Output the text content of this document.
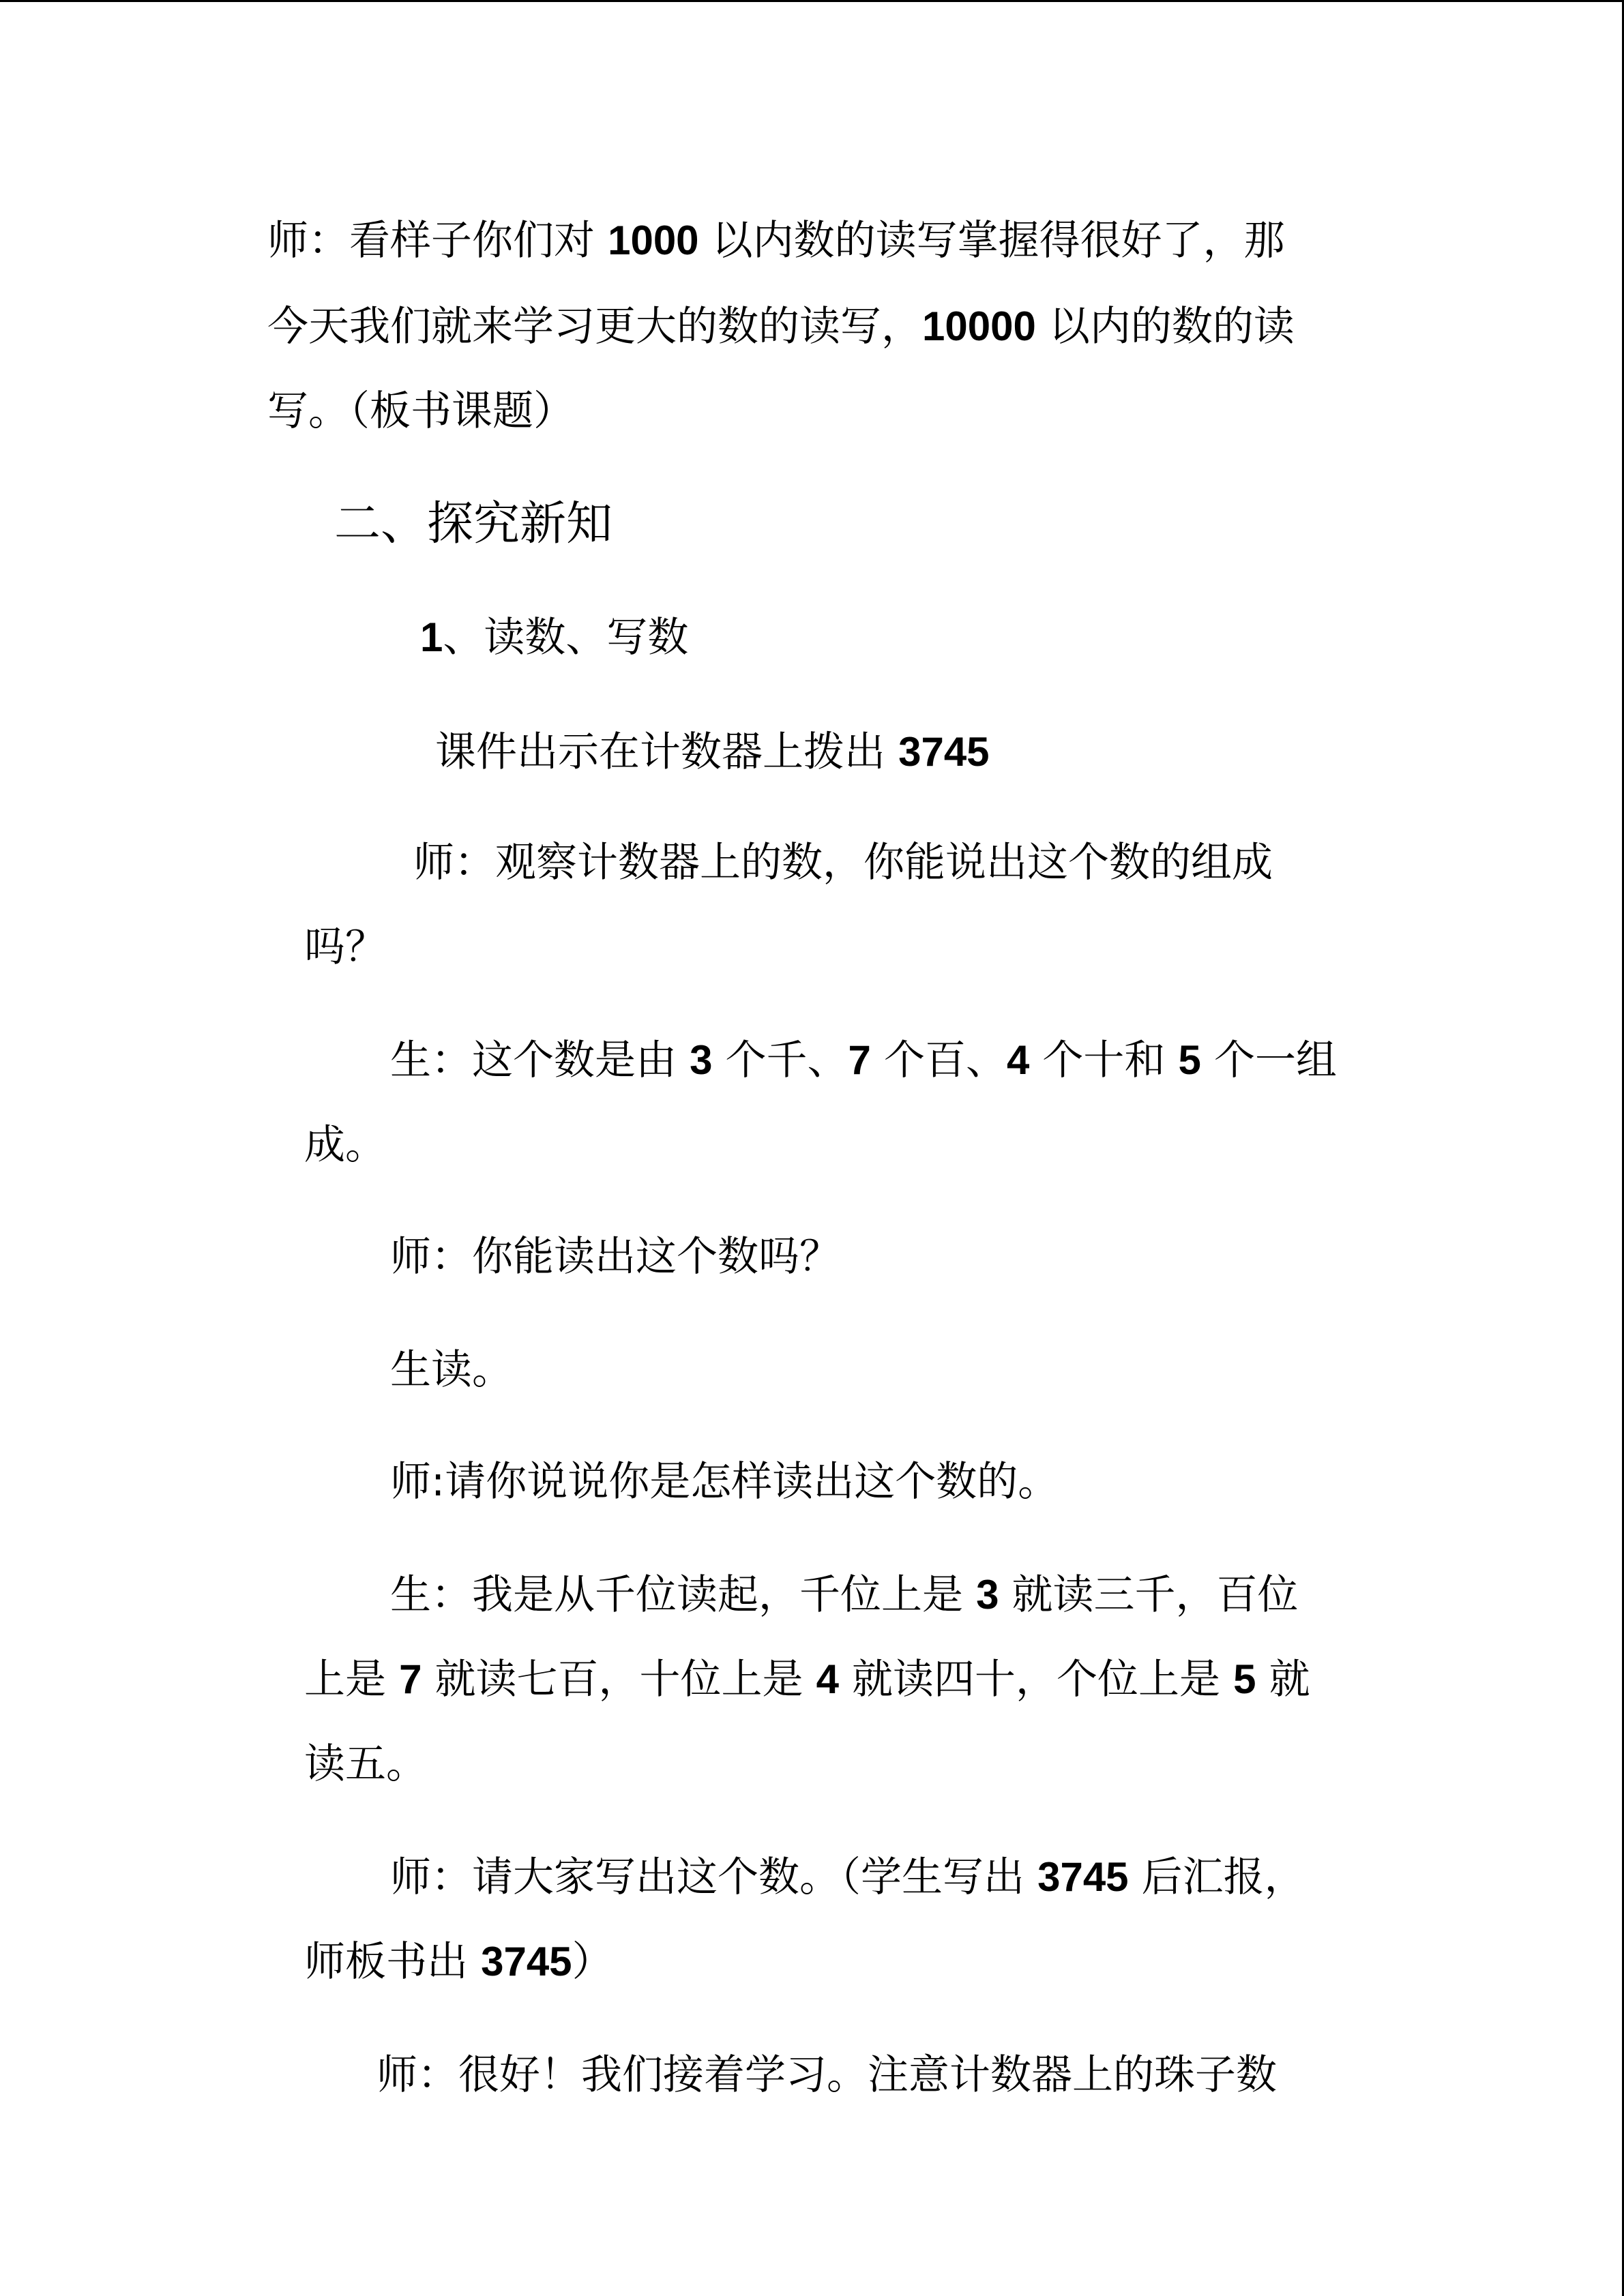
师：看样子你们对 1000 以内数的读写掌握得很好了，那
今天我们就来学习更大的数的读写，10000 以内的数的读
写。（板书课题）
二、探究新知
1、读数、写数
课件出示在计数器上拨出 3745
师：观察计数器上的数，你能说出这个数的组成
吗？
生：这个数是由 3 个千、7 个百、4 个十和 5 个一组
成。
师：你能读出这个数吗？
生读。
师:请你说说你是怎样读出这个数的。
生：我是从千位读起，千位上是 3 就读三千，百位
上是 7 就读七百，十位上是 4 就读四十，个位上是 5 就
读五。
师：请大家写出这个数。（学生写出 3745 后汇报，
师板书出 3745）
师：很好！我们接着学习。注意计数器上的珠子数
